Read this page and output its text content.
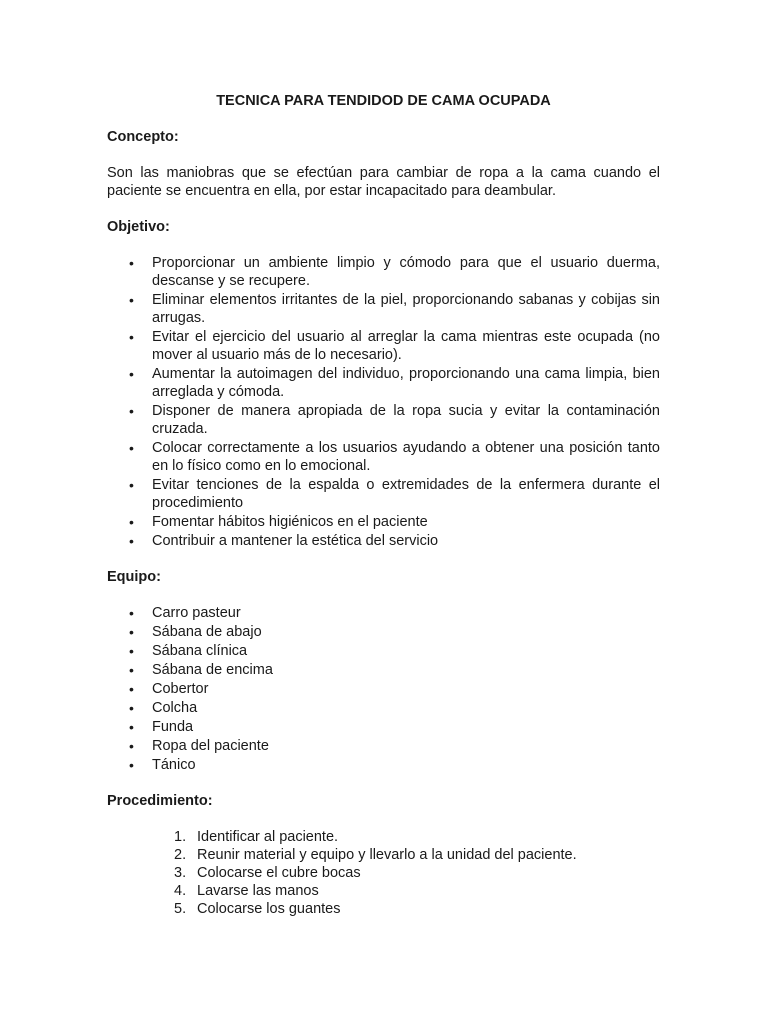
TECNICA PARA TENDIDOD DE CAMA OCUPADA
Concepto:
Son las maniobras que se efectúan para cambiar de ropa a la cama cuando el paciente se encuentra en ella, por estar incapacitado para deambular.
Objetivo:
• Proporcionar un ambiente limpio y cómodo para que el usuario duerma, descanse y se recupere.
• Eliminar elementos irritantes de la piel, proporcionando sabanas y cobijas sin arrugas.
• Evitar el ejercicio del usuario al arreglar la cama mientras este ocupada (no mover al usuario más de lo necesario).
• Aumentar la autoimagen del individuo, proporcionando una cama limpia, bien arreglada y cómoda.
• Disponer de manera apropiada de la ropa sucia y evitar la contaminación cruzada.
• Colocar correctamente a los usuarios ayudando a obtener una posición tanto en lo físico como en lo emocional.
• Evitar tenciones de la espalda o extremidades de la enfermera durante el procedimiento
• Fomentar hábitos higiénicos en el paciente
• Contribuir a mantener la estética del servicio
Equipo:
• Carro pasteur
• Sábana de abajo
• Sábana clínica
• Sábana de encima
• Cobertor
• Colcha
• Funda
• Ropa del paciente
• Tánico
Procedimiento:
1. Identificar al paciente.
2. Reunir material y equipo y llevarlo a la unidad del paciente.
3. Colocarse el cubre bocas
4. Lavarse las manos
5. Colocarse los guantes
